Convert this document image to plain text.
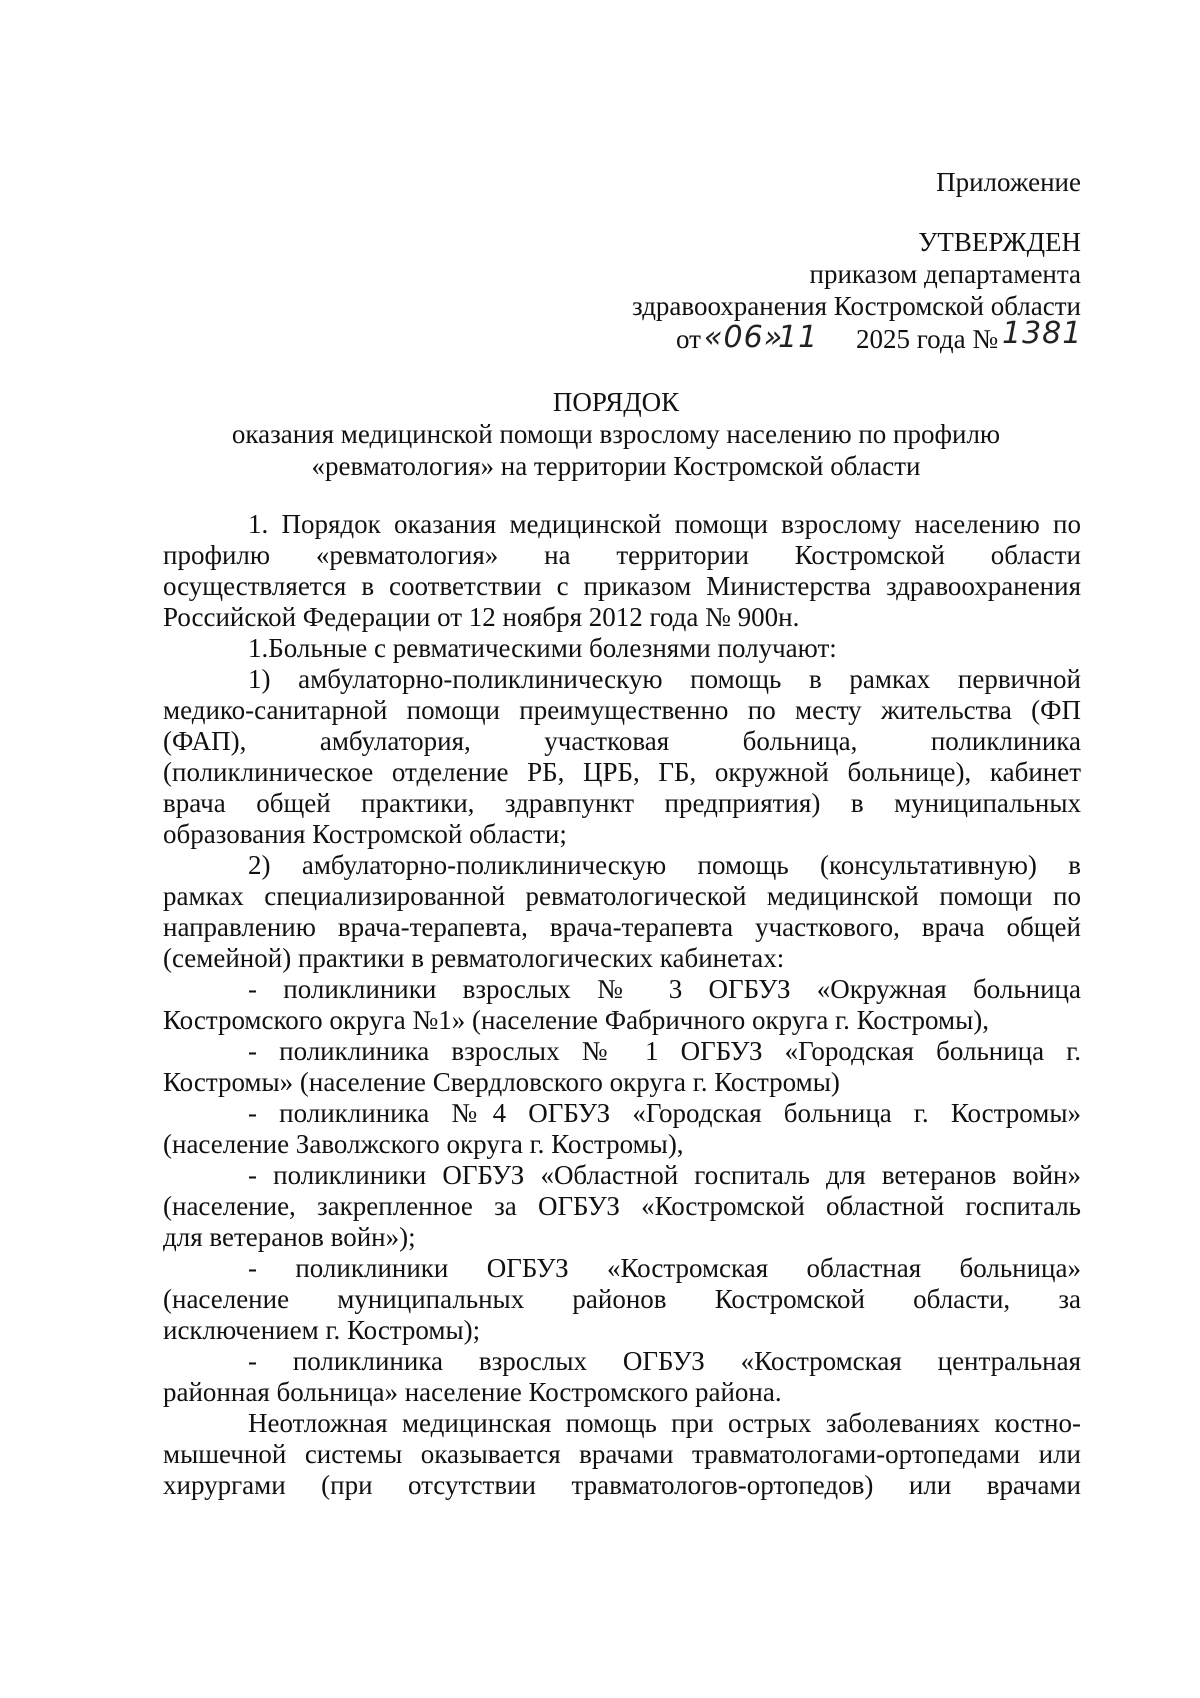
Приложение
УТВЕРЖДЕН
приказом департамента
здравоохранения Костромской области
от «06»
11 2025 года № 1381
ПОРЯДОК
оказания медицинской помощи взрослому населению по профилю
«ревматология» на территории Костромской области
1. Порядок оказания медицинской помощи взрослому населению по
профилю «ревматология» на территории Костромской области
осуществляется в соответствии с приказом Министерства здравоохранения
Российской Федерации от 12 ноября 2012 года № 900н.
1.Больные с ревматическими болезнями получают:
1) амбулаторно-поликлиническую помощь в рамках первичной
медико-санитарной помощи преимущественно по месту жительства (ФП
(ФАП), амбулатория, участковая больница, поликлиника
(поликлиническое отделение РБ, ЦРБ, ГБ, окружной больнице), кабинет
врача общей практики, здравпункт предприятия) в муниципальных
образования Костромской области;
2) амбулаторно-поликлиническую помощь (консультативную) в
рамках специализированной ревматологической медицинской помощи по
направлению врача-терапевта, врача-терапевта участкового, врача общей
(семейной) практики в ревматологических кабинетах:
- поликлиники взрослых № 3 ОГБУЗ «Окружная больница
Костромского округа №1» (население Фабричного округа г. Костромы),
- поликлиника взрослых № 1 ОГБУЗ «Городская больница г.
Костромы» (население Свердловского округа г. Костромы)
- поликлиника №4 ОГБУЗ «Городская больница г. Костромы»
(население Заволжского округа г. Костромы),
- поликлиники ОГБУЗ «Областной госпиталь для ветеранов войн»
(население, закрепленное за ОГБУЗ «Костромской областной госпиталь
для ветеранов войн»);
- поликлиники ОГБУЗ «Костромская областная больница»
(население муниципальных районов Костромской области, за
исключением г. Костромы);
- поликлиника взрослых ОГБУЗ «Костромская центральная
районная больница» население Костромского района.
Неотложная медицинская помощь при острых заболеваниях костно-
мышечной системы оказывается врачами травматологами-ортопедами или
хирургами (при отсутствии травматологов-ортопедов) или врачами
